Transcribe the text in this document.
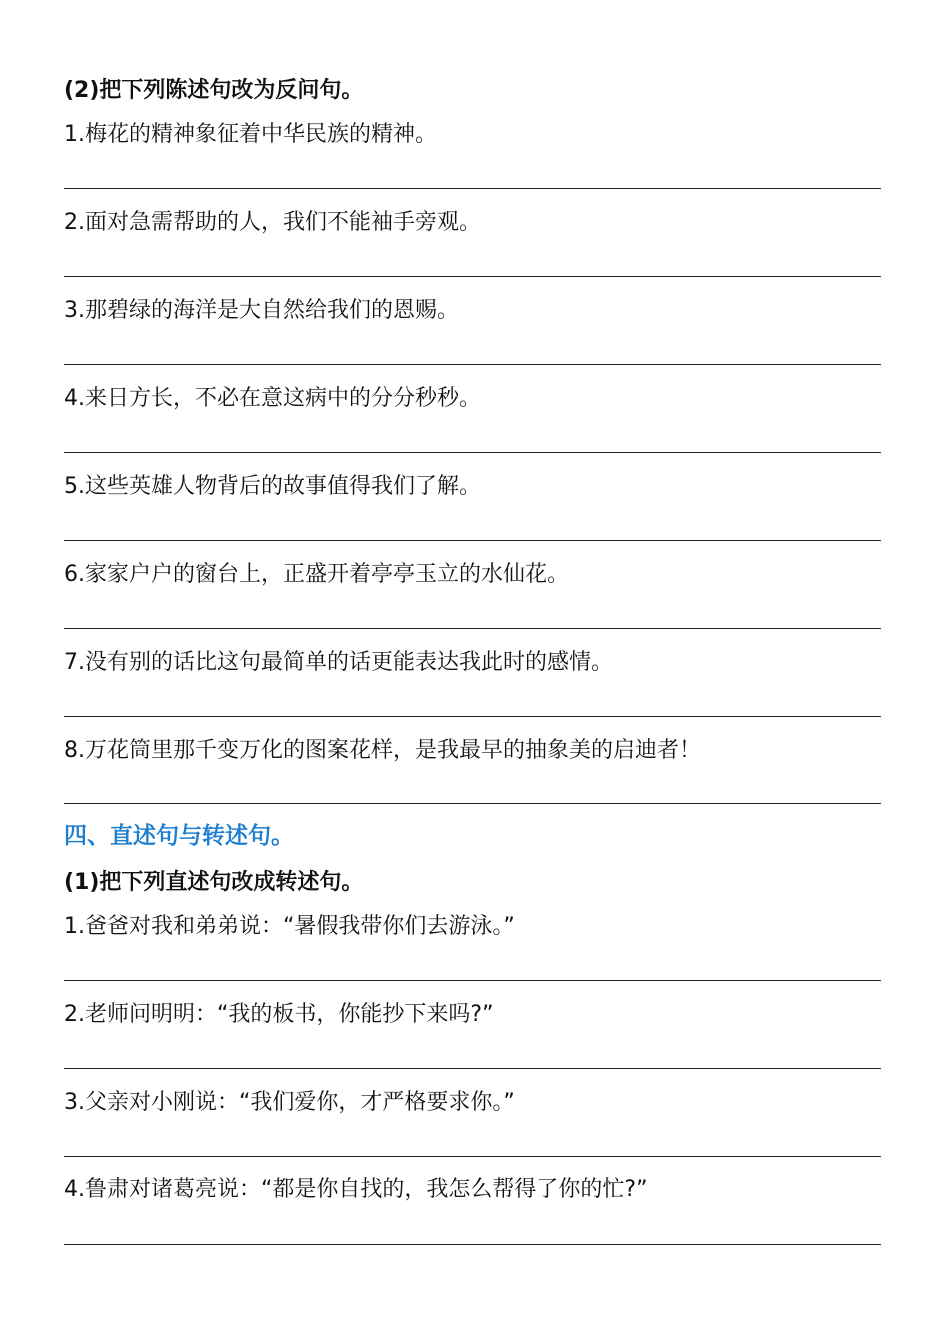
(2)把下列陈述句改为反问句。
1.梅花的精神象征着中华民族的精神。
2.面对急需帮助的人，我们不能袖手旁观。
3.那碧绿的海洋是大自然给我们的恩赐。
4.来日方长，不必在意这病中的分分秒秒。
5.这些英雄人物背后的故事值得我们了解。
6.家家户户的窗台上，正盛开着亭亭玉立的水仙花。
7.没有别的话比这句最简单的话更能表达我此时的感情。
8.万花筒里那千变万化的图案花样，是我最早的抽象美的启迪者！
四、直述句与转述句。
(1)把下列直述句改成转述句。
1.爸爸对我和弟弟说：“暑假我带你们去游泳。”
2.老师问明明：“我的板书，你能抄下来吗?”
3.父亲对小刚说：“我们爱你，才严格要求你。”
4.鲁肃对诸葛亮说：“都是你自找的，我怎么帮得了你的忙?”
